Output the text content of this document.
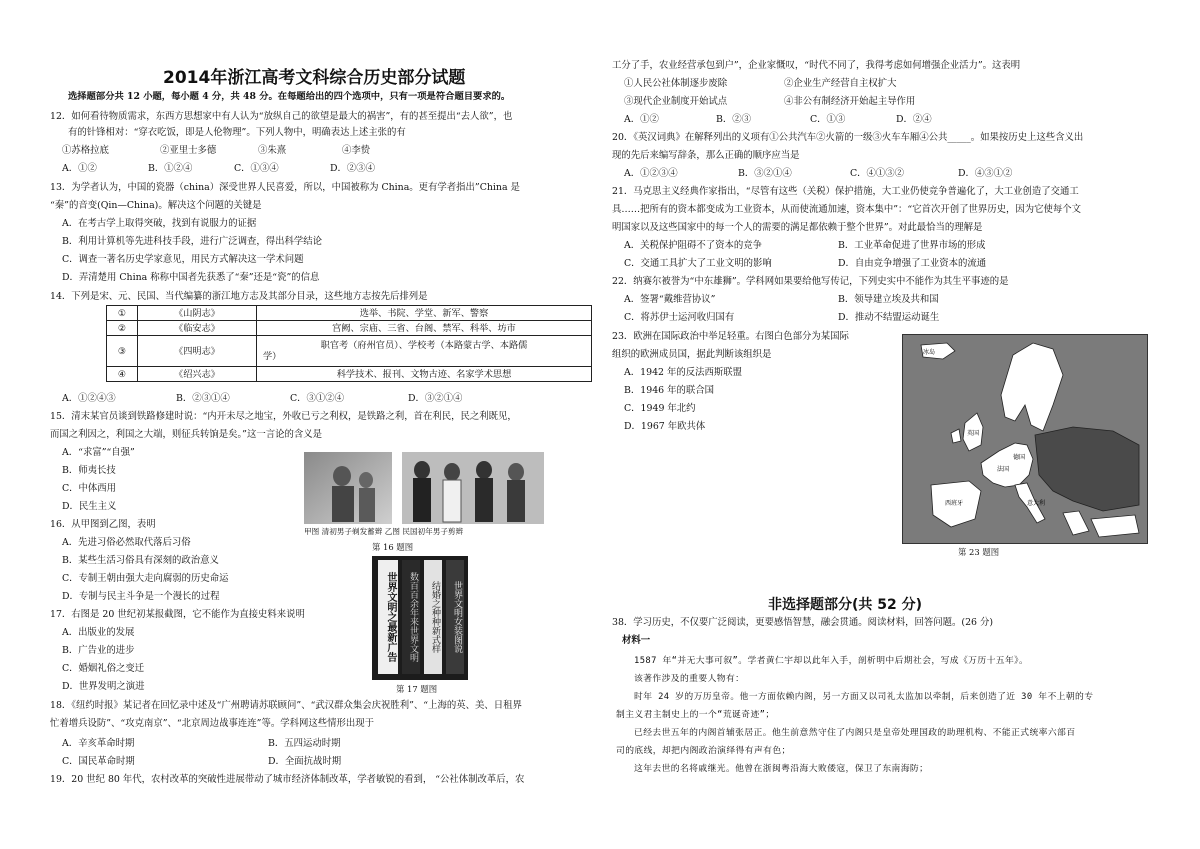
2014年浙江高考文科综合历史部分试题
选择题部分共 12 小题，每小题 4 分，共 48 分。在每题给出的四个选项中，只有一项是符合题目要求的。
12．如何看待物质需求，东西方思想家中有人认为“放纵自己的欲望是最大的祸害”，有的甚至提出“去人欲”，也
有的针锋相对：“穿衣吃饭，即是人伦物理”。下列人物中，明确表达上述主张的有
①苏格拉底	②亚里士多德	③朱熹	④李贽
A．①②	B．①②④	C．①③④	D．②③④
13．为学者认为，中国的瓷器（china）深受世界人民喜爱，所以，中国被称为 China。更有学者指出”China 是
“秦”的音变(Qin—China)。解决这个问题的关键是
A．在考古学上取得突破，找到有说服力的证据
B．利用计算机等先进科技手段，进行广泛调查，得出科学结论
C．调查一著名历史学家意见，用民方式解决这一学术问题
D．弄清楚用 China 称称中国者先获悉了“秦”还是“瓷”的信息
14．下列是宋、元、民国、当代编纂的浙江地方志及其部分目录，这些地方志按先后排列是
①	《山阴志》	选举、书院、学堂、新军、警察
②	《临安志》	宫阙、宗庙、三省、台阁、禁军、科举、坊市
③	《四明志》	职官考（府州官员）、学校考（本路蒙古学、本路儒
学）

④	《绍兴志》	科学技术、报刊、文物古迹、名家学术思想
A．①②④③	B．②③①④	C．③①②④	D．③②①④
15．清末某官员谈到铁路修建时说：“内开未尽之地宝，外收已亏之利权，是铁路之利，首在利民，民之利既见，
而国之利因之，利国之大端，则征兵转饷是矣。”这一言论的含义是
A．“求富”“自强”
B．师夷长技
C．中体西用
D．民生主义
甲图 清初男子剃发蓄辫 乙图 民国初年男子剪辫
第 16 题图
16．从甲图到乙图，表明
A．先进习俗必然取代落后习俗
B．某些生活习俗具有深刻的政治意义
C．专制王朝由强大走向腐弱的历史命运
D．专制与民主斗争是一个漫长的过程	世界文明之最新广告	数百百余年来世界文明	结婚之种种新式样	世界文明女装图说
第 17 题图
17．右图是 20 世纪初某报截图，它不能作为直接史料来说明
A．出版业的发展
B．广告业的进步
C．婚姻礼俗之变迁
D．世界发明之演进
18．《纽约时报》某记者在回忆录中述及“广州聘请苏联顾问”、“武汉群众集会庆祝胜利”、“上海的英、美、日租界
忙着增兵设防”、“攻克南京”、“北京周边战事连连”等。学科网这些情形出现于
A．辛亥革命时期	B．五四运动时期
C．国民革命时期	D．全面抗战时期
19．20 世纪 80 年代，农村改革的突破性进展带动了城市经济体制改革，学者敏锐的看到， “公社体制改革后，农
工分了手，农业经营承包到户”，企业家慨叹，“时代不同了，我得考虑如何增强企业活力”。这表明
①人民公社体制逐步废除	②企业生产经营自主权扩大
③现代企业制度开始试点	④非公有制经济开始起主导作用
A．①②	B．②③	C．①③	D．②④
20．《英汉词典》在解释列出的义项有①公共汽车②火箭的一级③火车车厢④公共_____。如果按历史上这些含义出
现的先后来编写辞条，那么正确的顺序应当是
A．①②③④	B．③②①④	C．④①③②	D．④③①②
21．马克思主义经典作家指出，“尽管有这些（关税）保护措施，大工业仍使竞争普遍化了，大工业创造了交通工
具……把所有的资本都变成为工业资本，从而使流通加速，资本集中”：“它首次开创了世界历史，因为它使每个文
明国家以及这些国家中的每一个人的需要的满足都依赖于整个世界”。对此最恰当的理解是
A．关税保护阻碍不了资本的竞争	B．工业革命促进了世界市场的形成
C．交通工具扩大了工业文明的影响	D．自由竞争增强了工业资本的流通
22．纳赛尔被誉为“中东雄狮”。学科网如果要给他写传记，下列史实中不能作为其生平事迹的是
A．签署“戴维营协议”	B．领导建立埃及共和国
C．将苏伊士运河收归国有	D．推动不结盟运动诞生
23．欧洲在国际政治中举足轻重。右图白色部分为某国际
组织的欧洲成员国，据此判断该组织是
A．1942 年的反法西斯联盟
B．1946 年的联合国
C．1949 年北约
D．1967 年欧共体
冰岛
法国
西班牙	意大利
英国
德国
第 23 题图
非选择题部分(共 52 分)
38．学习历史，不仅要广泛阅读，更要感悟智慧，融会贯通。阅读材料，回答问题。(26 分)
材料一
1587 年“并无大事可叙”。学者黄仁宇却以此年入手，剖析明中后期社会，写成《万历十五年》。
该著作涉及的重要人物有：
时年 24 岁的万历皇帝。他一方面依赖内阁，另一方面又以司礼太监加以牵制，后来创造了近 30 年不上朝的专
制主义君主制史上的一个“荒诞奇迹”；
已经去世五年的内阁首辅张居正。他生前意然守住了内阁只是皇帝处理国政的助理机构、不能正式统率六部百
司的底线，却把内阁政治演绎得有声有色；
这年去世的名将戚继光。他曾在浙闽粤沿海大败倭寇，保卫了东南海防；
